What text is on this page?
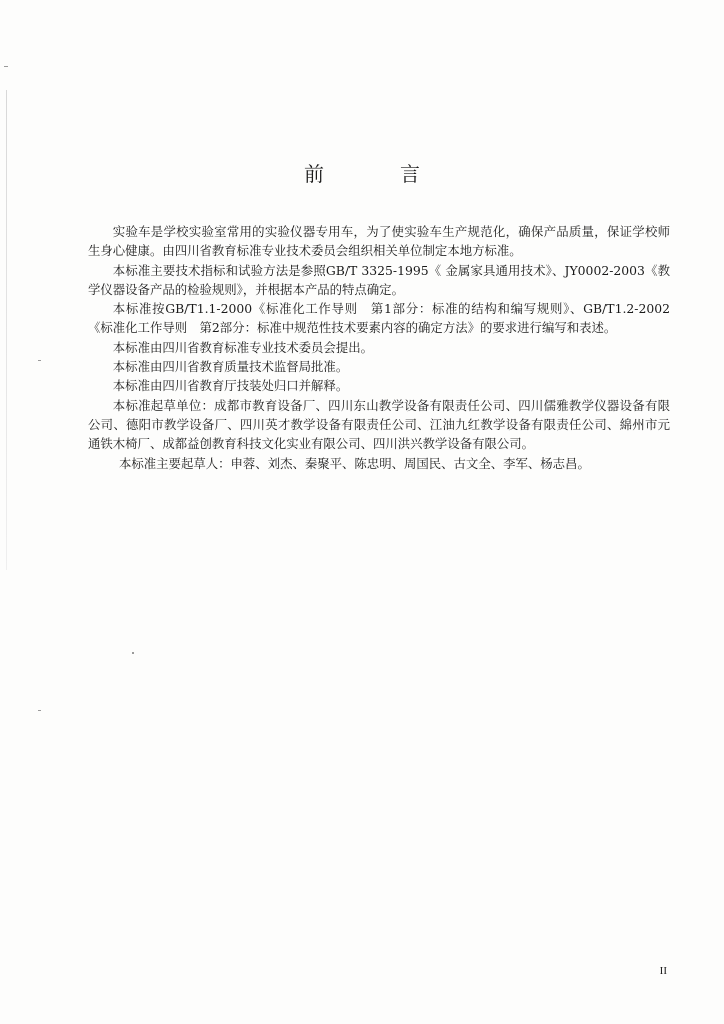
前　言

实验车是学校实验室常用的实验仪器专用车，为了使实验车生产规范化，确保产品质量，保证学校师生身心健康。由四川省教育标准专业技术委员会组织相关单位制定本地方标准。

本标准主要技术指标和试验方法是参照GB/T 3325-1995《 金属家具通用技术》、JY0002-2003《教学仪器设备产品的检验规则》，并根据本产品的特点确定。

本标准按GB/T1.1-2000《标准化工作导则　第1部分：标准的结构和编写规则》、GB/T1.2-2002《标准化工作导则　第2部分：标准中规范性技术要素内容的确定方法》的要求进行编写和表述。

本标准由四川省教育标准专业技术委员会提出。

本标准由四川省教育质量技术监督局批准。

本标准由四川省教育厅技装处归口并解释。

本标准起草单位：成都市教育设备厂、四川东山教学设备有限责任公司、四川儒雅教学仪器设备有限公司、德阳市教学设备厂、四川英才教学设备有限责任公司、江油九红教学设备有限责任公司、綿州市元通铁木椅厂、成都益创教育科技文化实业有限公司、四川洪兴教学设备有限公司。

本标准主要起草人：申蓉、刘杰、秦聚平、陈忠明、周国民、古文全、李军、杨志昌。

II
